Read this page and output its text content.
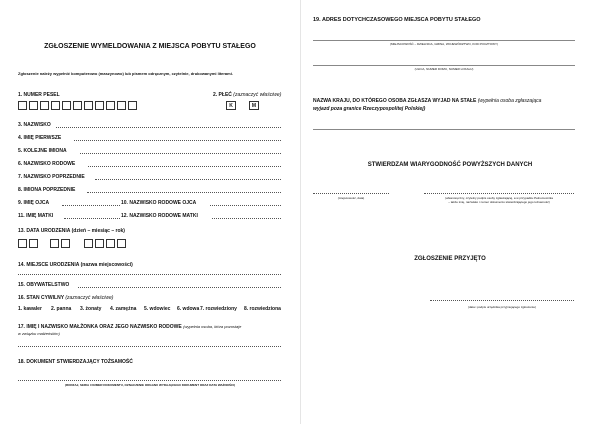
ZGŁOSZENIE WYMELDOWANIA Z MIEJSCA POBYTU STAŁEGO
Zgłoszenie należy wypełnić komputerowo (maszynowo) lub pismem odręcznym, czytelnie, drukowanymi literami.
1. NUMER PESEL	2. PŁEĆ (zaznaczyć właściwe)
K	M
3. NAZWISKO
4. IMIĘ PIERWSZE
5. KOLEJNE IMIONA
6. NAZWISKO RODOWE
7. NAZWISKO POPRZEDNIE
8. IMIONA POPRZEDNIE
9. IMIĘ OJCA	10. NAZWISKO RODOWE OJCA
11. IMIĘ MATKI	12. NAZWISKO RODOWE MATKI
13. DATA URODZENIA (dzień – miesiąc – rok)
14. MIEJSCE URODZENIA (nazwa miejscowości)
15. OBYWATELSTWO
16. STAN CYWILNY (zaznaczyć właściwe)
1. kawaler 2. panna 3. żonaty 4. zamężna 5. wdowiec 6. wdowa 7. rozwiedziony 8. rozwiedziona
17. IMIĘ I NAZWISKO MAŁŻONKA ORAZ JEGO NAZWISKO RODOWE (wypełnia osoba, która pozostaje
w związku małżeńskim)
18. DOKUMENT STWIERDZAJĄCY TOŻSAMOŚĆ
(RODZAJ, SERIA I NUMER DOKUMENTU, OZNACZENIE ORGANU WYDAJĄCEGO DOKUMENT ORAZ DATA WAŻNOŚCI)
19. ADRES DOTYCHCZASOWEGO MIEJSCA POBYTU STAŁEGO
(MIEJSCOWOŚĆ – DZIELNICA, GMINA, WOJEWÓDZTWO, KOD POCZTOWY)
(ULICA, NUMER DOMU, NUMER LOKALU)
NAZWA KRAJU, DO KTÓREGO OSOBA ZGŁASZA WYJAD NA STAŁE (wypełnia osoba zgłaszająca
wyjazd poza granice Rzeczypospolitej Polskiej)
STWIERDZAM WIARYGODNOŚĆ POWYŻSZYCH DANYCH
(miejscowość, data)	(własnoręczny, czytelny podpis osoby zgłaszającej, a w przypadku Pełnomocnika
– także imię, nazwisko i numer dokumentu stwierdzającego jego tożsamość)
ZGŁOSZENIE PRZYJĘTO
(data i podpis urzędnika przyjmującego zgłoszenie)
